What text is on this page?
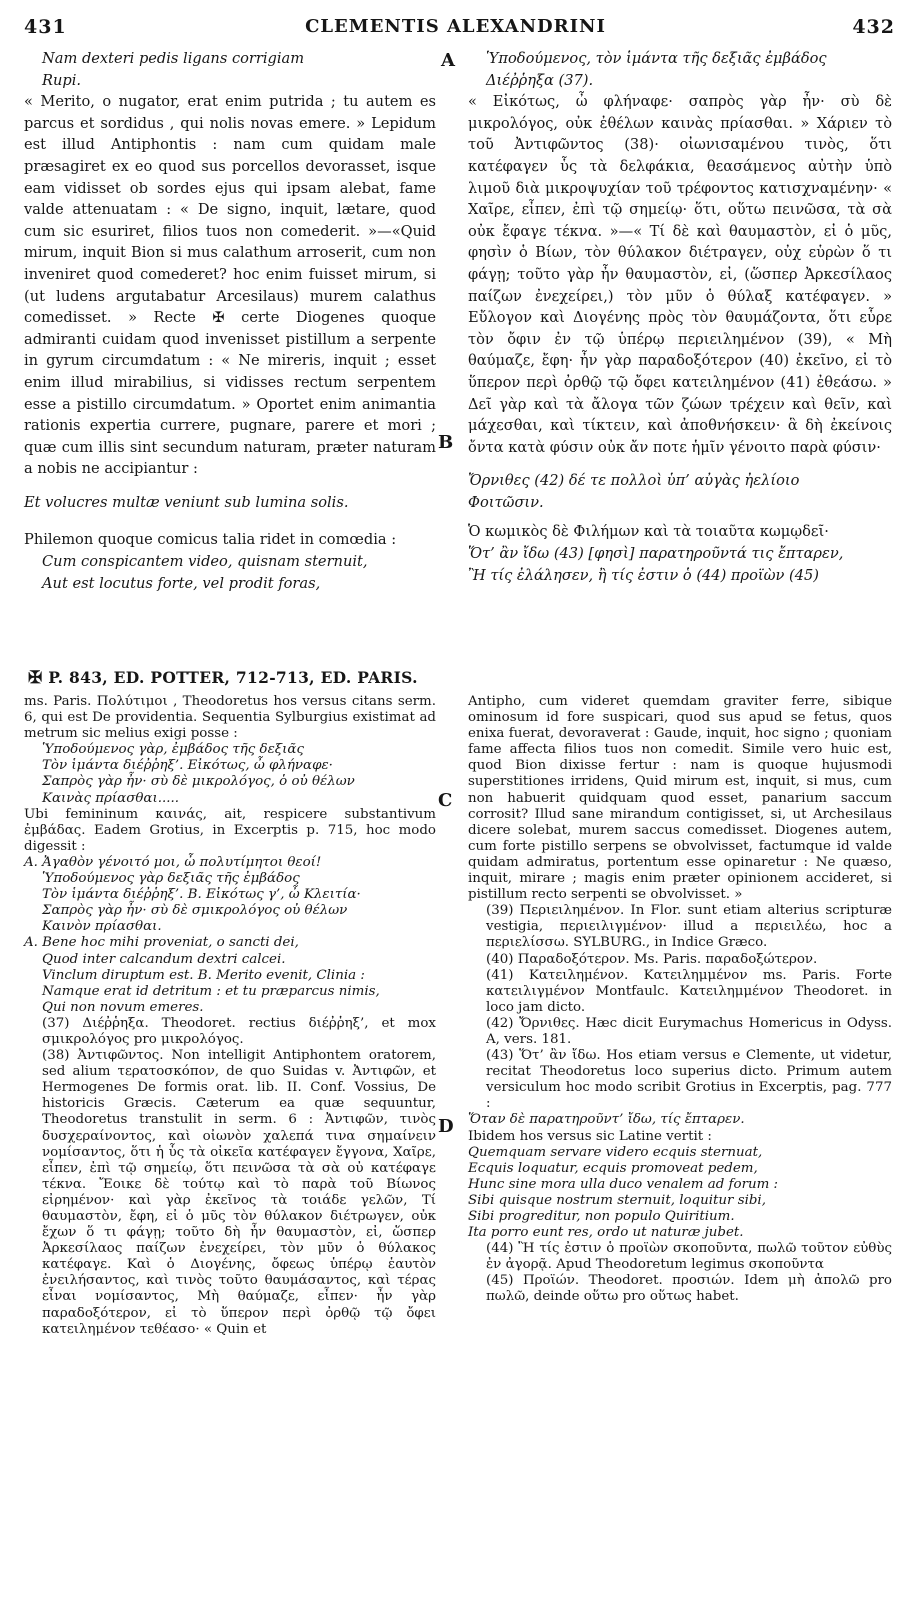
431	CLEMENTIS ALEXANDRINI	432

Nam dexteri pedis ligans corrigiam

Rupi.

« Merito, o nugator, erat enim putrida ; tu autem es parcus et sordidus , qui nolis novas emere. » Lepidum est illud Antiphontis : nam cum quidam male præsagiret ex eo quod sus porcellos devorasset, isque eam vidisset ob sordes ejus qui ipsam alebat, fame valde attenuatam : « De signo, inquit, lætare, quod cum sic esuriret, filios tuos non comederit. »—«Quid mirum, inquit Bion si mus calathum arroserit, cum non inveniret quod comederet? hoc enim fuisset mirum, si (ut ludens argutabatur Arcesilaus) murem calathus comedisset. » Recte ✠ certe Diogenes quoque admiranti cuidam quod invenisset pistillum a serpente in gyrum circumdatum : « Ne mireris, inquit ; esset enim illud mirabilius, si vidisses rectum serpentem esse a pistillo circumdatum. » Oportet enim animantia rationis expertia currere, pugnare, parere et mori ; quæ cum illis sint secundum naturam, præter naturam a nobis ne accipiantur :

Et volucres multæ veniunt sub lumina solis.

Philemon quoque comicus talia ridet in comœdia :

Cum conspicantem video, quisnam sternuit,

Aut est locutus forte, vel prodit foras,

Ὑποδούμενος, τὸν ἱμάντα τῆς δεξιᾶς ἐμβάδος

Διέῤῥηξα (37).

« Εἰκότως, ὦ φλήναφε· σαπρὸς γὰρ ἦν· σὺ δὲ μικρολόγος, οὐκ ἐθέλων καινὰς πρίασθαι. » Χάριεν τὸ τοῦ Ἀντιφῶντος (38)· οἰωνισαμένου τινὸς, ὅτι κατέφαγεν ὗς τὰ δελφάκια, θεασάμενος αὐτὴν ὑπὸ λιμοῦ διὰ μικροψυχίαν τοῦ τρέφοντος κατισχναμένην· « Χαῖρε, εἶπεν, ἐπὶ τῷ σημείῳ· ὅτι, οὕτω πεινῶσα, τὰ σὰ οὐκ ἔφαγε τέκνα. »—« Τί δὲ καὶ θαυμαστὸν, εἰ ὁ μῦς, φησὶν ὁ Βίων, τὸν θύλακον διέτραγεν, οὐχ εὑρὼν ὅ τι φάγῃ; τοῦτο γὰρ ἦν θαυμαστὸν, εἰ, (ὥσπερ Ἀρκεσίλαος παίζων ἐνεχείρει,) τὸν μῦν ὁ θύλαξ κατέφαγεν. » Εὔλογον καὶ Διογένης πρὸς τὸν θαυμάζοντα, ὅτι εὗρε τὸν ὄφιν ἐν τῷ ὑπέρῳ περιειλημένον (39), « Μὴ θαύμαζε, ἔφη· ἦν γὰρ παραδοξότερον (40) ἐκεῖνο, εἰ τὸ ὕπερον περὶ ὀρθῷ τῷ ὄφει κατειλημένον (41) ἐθεάσω. » Δεῖ γὰρ καὶ τὰ ἄλογα τῶν ζώων τρέχειν καὶ θεῖν, καὶ μάχεσθαι, καὶ τίκτειν, καὶ ἀποθνήσκειν· ἃ δὴ ἐκείνοις ὄντα κατὰ φύσιν οὐκ ἄν ποτε ἡμῖν γένοιτο παρὰ φύσιν·

Ὄρνιθες (42) δέ τε πολλοὶ ὑπ’ αὐγὰς ἠελίοιο

Φοιτῶσιν.

Ὁ κωμικὸς δὲ Φιλήμων καὶ τὰ τοιαῦτα κωμῳδεῖ·

Ὅτ’ ἂν ἴδω (43) [φησὶ] παρατηροῦντά τις ἔπταρεν,

Ἢ τίς ἐλάλησεν, ἢ τίς ἐστιν ὁ (44) προϊὼν (45)

A
B
C
D
✠ P. 843, ED. POTTER, 712-713, ED. PARIS.

ms. Paris. Πολύτιμοι , Theodoretus hos versus citans serm. 6, qui est De providentia. Sequentia Sylburgius existimat ad metrum sic melius exigi posse :

Ὑποδούμενος γὰρ, ἐμβάδος τῆς δεξιᾶς

Τὸν ἱμάντα διέῤῥηξ’. Εἰκότως, ὦ φλήναφε·

Σαπρὸς γὰρ ἦν· σὺ δὲ μικρολόγος, ὁ οὐ θέλων

Καινὰς πρίασθαι.....

Ubi femininum καινάς, ait, respicere substantivum ἐμβάδας. Eadem Grotius, in Excerptis p. 715, hoc modo digessit :

A. Ἀγαθὸν γένοιτό μοι, ὦ πολυτίμητοι θεοί!

Ὑποδούμενος γὰρ δεξιᾶς τῆς ἐμβάδος

Τὸν ἱμάντα διέῤῥηξ’. B. Εἰκότως γ’, ὦ Κλειτία·

Σαπρὸς γὰρ ἦν· σὺ δὲ σμικρολόγος οὐ θέλων

Καινὸν πρίασθαι.

A. Bene hoc mihi proveniat, o sancti dei,

Quod inter calcandum dextri calcei.

Vinclum diruptum est. B. Merito evenit, Clinia :

Namque erat id detritum : et tu præparcus nimis,

Qui non novum emeres.

(37) Διέῤῥηξα. Theodoret. rectius διέῤῥηξ’, et mox σμικρολόγος pro μικρολόγος.

(38) Ἀντιφῶντος. Non intelligit Antiphontem oratorem, sed alium τερατοσκόπον, de quo Suidas v. Ἀντιφῶν, et Hermogenes De formis orat. lib. II. Conf. Vossius, De historicis Græcis. Cæterum ea quæ sequuntur, Theodoretus transtulit in serm. 6 : Ἀντιφῶν, τινὸς δυσχεραίνοντος, καὶ οἰωνὸν χαλεπά τινα σημαίνειν νομίσαντος, ὅτι ἡ ὗς τὰ οἰκεῖα κατέφαγεν ἔγγονα, Χαῖρε, εἶπεν, ἐπὶ τῷ σημείῳ, ὅτι πεινῶσα τὰ σὰ οὐ κατέφαγε τέκνα. Ἔοικε δὲ τούτῳ καὶ τὸ παρὰ τοῦ Βίωνος εἰρημένον· καὶ γὰρ ἐκεῖνος τὰ τοιάδε γελῶν, Τί θαυμαστὸν, ἔφη, εἰ ὁ μῦς τὸν θύλακον διέτρωγεν, οὐκ ἔχων ὅ τι φάγῃ; τοῦτο δὴ ἦν θαυμαστὸν, εἰ, ὥσπερ Ἀρκεσίλαος παίζων ἐνεχείρει, τὸν μῦν ὁ θύλακος κατέφαγε. Καὶ ὁ Διογένης, ὄφεως ὑπέρῳ ἑαυτὸν ἐνειλήσαντος, καὶ τινὸς τοῦτο θαυμάσαντος, καὶ τέρας εἶναι νομίσαντος, Μὴ θαύμαζε, εἶπεν· ἦν γὰρ παραδοξότερον, εἰ τὸ ὕπερον περὶ ὀρθῷ τῷ ὄφει κατειλημένον τεθέασο· « Quin et

Antipho, cum videret quemdam graviter ferre, sibique ominosum id fore suspicari, quod sus apud se fetus, quos enixa fuerat, devoraverat : Gaude, inquit, hoc signo ; quoniam fame affecta filios tuos non comedit. Simile vero huic est, quod Bion dixisse fertur : nam is quoque hujusmodi superstitiones irridens, Quid mirum est, inquit, si mus, cum non habuerit quidquam quod esset, panarium saccum corrosit? Illud sane mirandum contigisset, si, ut Archesilaus dicere solebat, murem saccus comedisset. Diogenes autem, cum forte pistillo serpens se obvolvisset, factumque id valde quidam admiratus, portentum esse opinaretur : Ne quæso, inquit, mirare ; magis enim præter opinionem accideret, si pistillum recto serpenti se obvolvisset. »

(39) Περιειλημένον. In Flor. sunt etiam alterius scripturæ vestigia, περιειλιγμένον· illud a περιειλέω, hoc a περιελίσσω. SYLBURG., in Indice Græco.

(40) Παραδοξότερον. Ms. Paris. παραδοξώτερον.

(41) Κατειλημένον. Κατειλημμένον ms. Paris. Forte κατειλιγμένον Montfaulc. Κατειλημμένον Theodoret. in loco jam dicto.

(42) Ὄρνιθες. Hæc dicit Eurymachus Homericus in Odyss. A, vers. 181.

(43) Ὅτ’ ἂν ἴδω. Hos etiam versus e Clemente, ut videtur, recitat Theodoretus loco superius dicto. Primum autem versiculum hoc modo scribit Grotius in Excerptis, pag. 777 :

Ὅταν δὲ παρατηροῦντ’ ἴδω, τίς ἔπταρεν.

Ibidem hos versus sic Latine vertit :

Quemquam servare videro ecquis sternuat,

Ecquis loquatur, ecquis promoveat pedem,

Hunc sine mora ulla duco venalem ad forum :

Sibi quisque nostrum sternuit, loquitur sibi,

Sibi progreditur, non populo Quiritium.

Ita porro eunt res, ordo ut naturæ jubet.

(44) Ἢ τίς ἐστιν ὁ προϊὼν σκοποῦντα, πωλῶ τοῦτον εὐθὺς ἐν ἀγορᾷ. Apud Theodoretum legimus σκοποῦντα

(45) Προϊών. Theodoret. προσιών. Idem μὴ ἀπολῶ pro πωλῶ, deinde οὕτω pro οὕτως habet.
